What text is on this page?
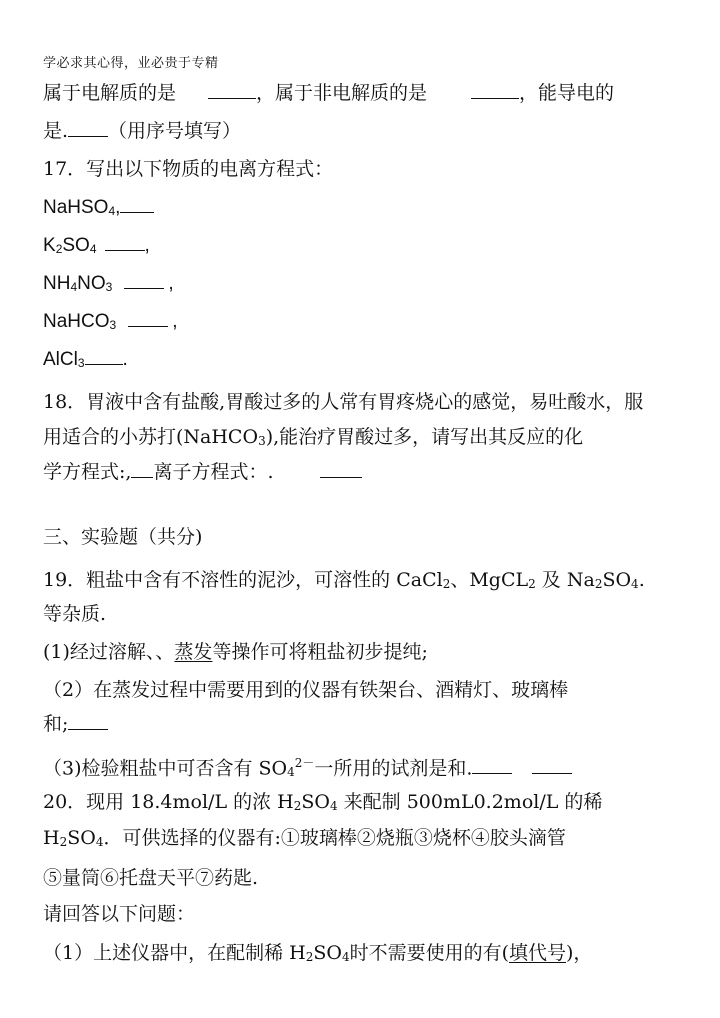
学必求其心得，业必贵于专精
属于电解质的是	，属于非电解质的是	，能导电的
是. （用序号填写）
17．写出以下物质的电离方程式：
NaHSO4,
K2SO4	,
NH4NO3	,
NaHCO3	,
AlCl3 .
18．胃液中含有盐酸,胃酸过多的人常有胃疼烧心的感觉，易吐酸水，服
用适合的小苏打(NaHCO3),能治疗胃酸过多，请写出其反应的化
学方程式:, 离子方程式：.
三、实验题（共分)
19．粗盐中含有不溶性的泥沙，可溶性的 CaCl2、MgCL2 及 Na2SO4.
等杂质.
(1)经过溶解、、蒸发等操作可将粗盐初步提纯;
（2）在蒸发过程中需要用到的仪器有铁架台、酒精灯、玻璃棒
和;
（3)检验粗盐中可否含有 $SO4^{2-}$一所用的试剂是和.
20．现用 18.4mol/L 的浓 H2SO4 来配制 500mL0.2mol/L 的稀
H2SO4．可供选择的仪器有:①玻璃棒②烧瓶③烧杯④胶头滴管
⑤量筒⑥托盘天平⑦药匙.
请回答以下问题：
（1）上述仪器中，在配制稀 H2SO4时不需要使用的有(填代号)，
